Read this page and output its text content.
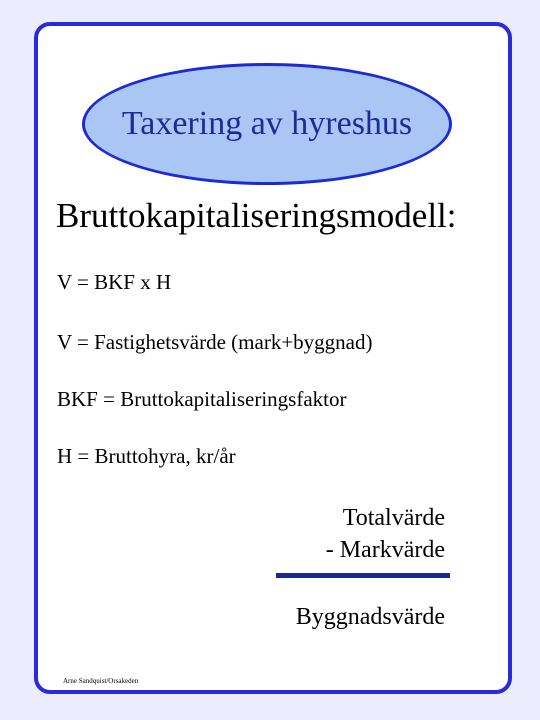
Taxering av hyreshus
Bruttokapitaliseringsmodell:
V = BKF x H
V = Fastighetsvärde (mark+byggnad)
BKF = Bruttokapitaliseringsfaktor
H = Bruttohyra, kr/år
Totalvärde
- Markvärde
Byggnadsvärde
Arne Sandquist/Orsakeden
